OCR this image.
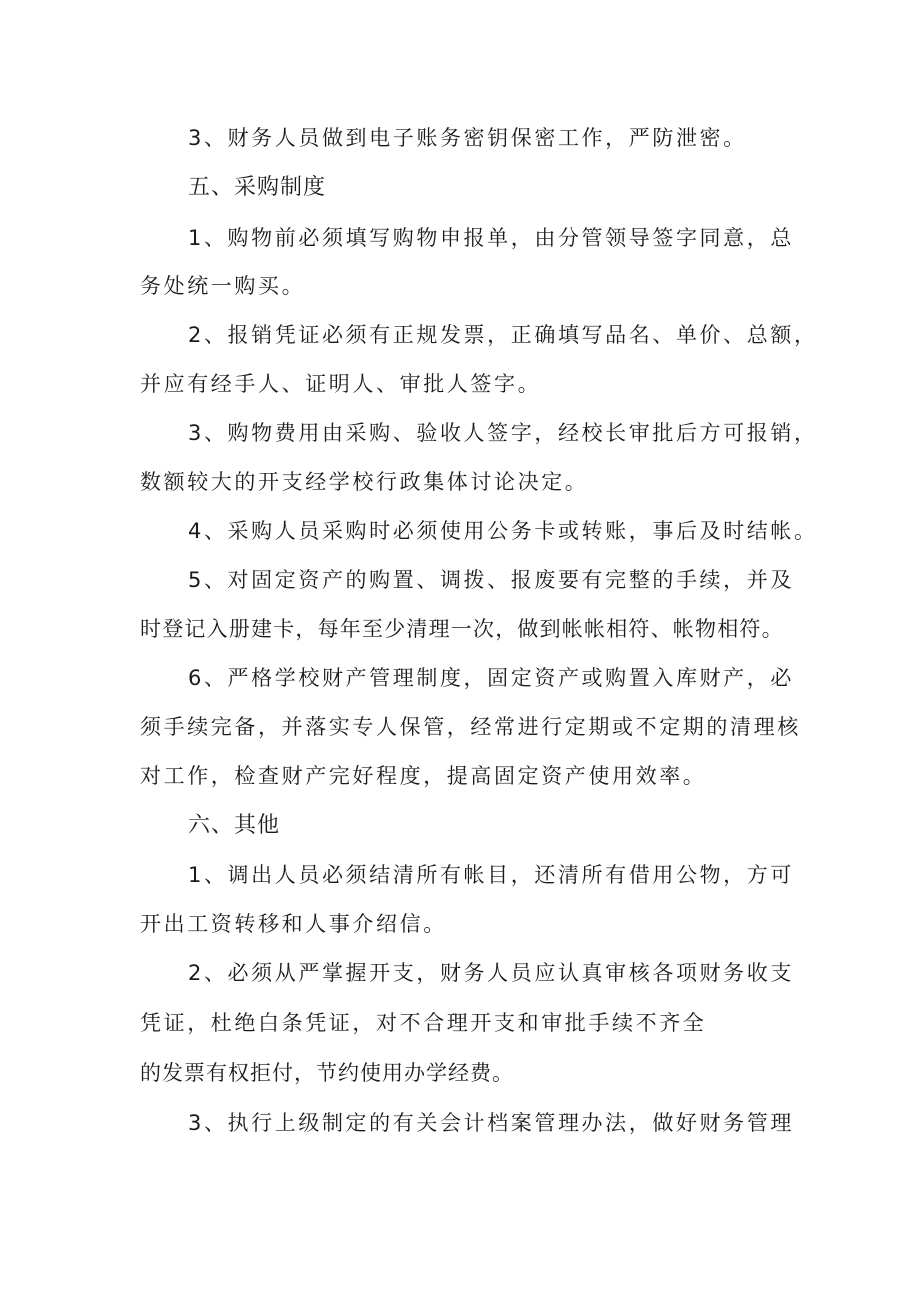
3、财务人员做到电子账务密钥保密工作，严防泄密。
五、采购制度
1、购物前必须填写购物申报单，由分管领导签字同意，总
务处统一购买。
2、报销凭证必须有正规发票，正确填写品名、单价、总额，
并应有经手人、证明人、审批人签字。
3、购物费用由采购、验收人签字，经校长审批后方可报销，
数额较大的开支经学校行政集体讨论决定。
4、采购人员采购时必须使用公务卡或转账，事后及时结帐。
5、对固定资产的购置、调拨、报废要有完整的手续，并及
时登记入册建卡，每年至少清理一次，做到帐帐相符、帐物相符。
6、严格学校财产管理制度，固定资产或购置入库财产，必
须手续完备，并落实专人保管，经常进行定期或不定期的清理核
对工作，检查财产完好程度，提高固定资产使用效率。
六、其他
1、调出人员必须结清所有帐目，还清所有借用公物，方可
开出工资转移和人事介绍信。
2、必须从严掌握开支，财务人员应认真审核各项财务收支
凭证，杜绝白条凭证，对不合理开支和审批手续不齐全
的发票有权拒付，节约使用办学经费。
3、执行上级制定的有关会计档案管理办法，做好财务管理
